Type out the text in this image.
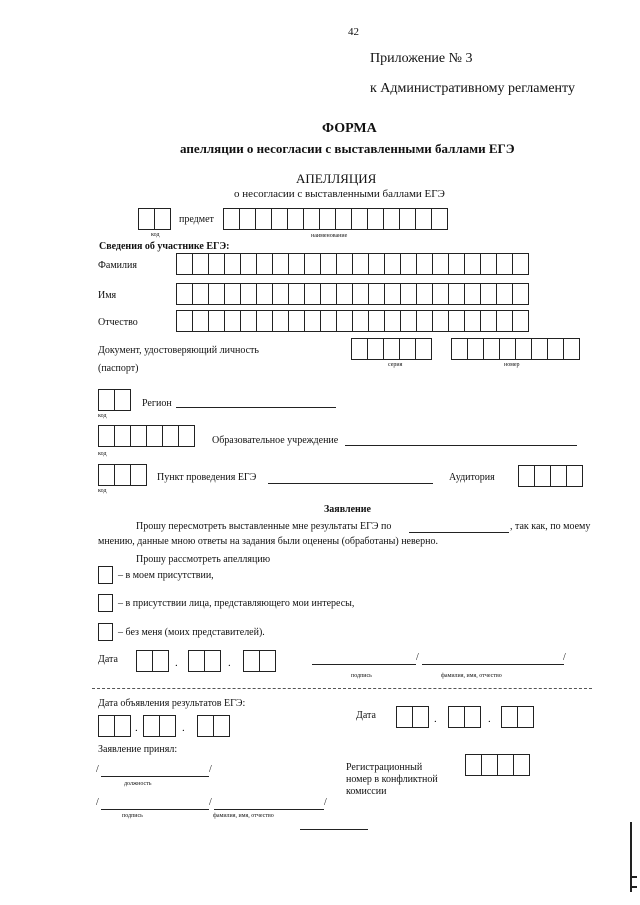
42
Приложение № 3
к Административному регламенту
ФОРМА
апелляции о несогласии с выставленными баллами ЕГЭ
АПЕЛЛЯЦИЯ
о несогласии с выставленными баллами ЕГЭ
предмет
код	наименование
Сведения об участнике ЕГЭ:
Фамилия
Имя
Отчество
Документ, удостоверяющий личность
(паспорт)	серия	номер
Регион
код
Образовательное учреждение
код
Пункт проведения ЕГЭ	Аудитория
код
Заявление
Прошу пересмотреть выставленные мне результаты ЕГЭ по	, так как, по моему
мнению, данные мною ответы на задания были оценены (обработаны) неверно.
Прошу рассмотреть апелляцию
– в моем присутствии,
– в присутствии лица, представляющего мои интересы,
– без меня (моих представителей).
Дата	.	.	/	/
подпись	фамилия, имя, отчество
Дата объявления результатов ЕГЭ:
.	.
Дата	.	.
Заявление принял:
/	/
должность
Регистрационный
номер в конфликтной
комиссии
/	/	/
подпись	фамилия, имя, отчество
